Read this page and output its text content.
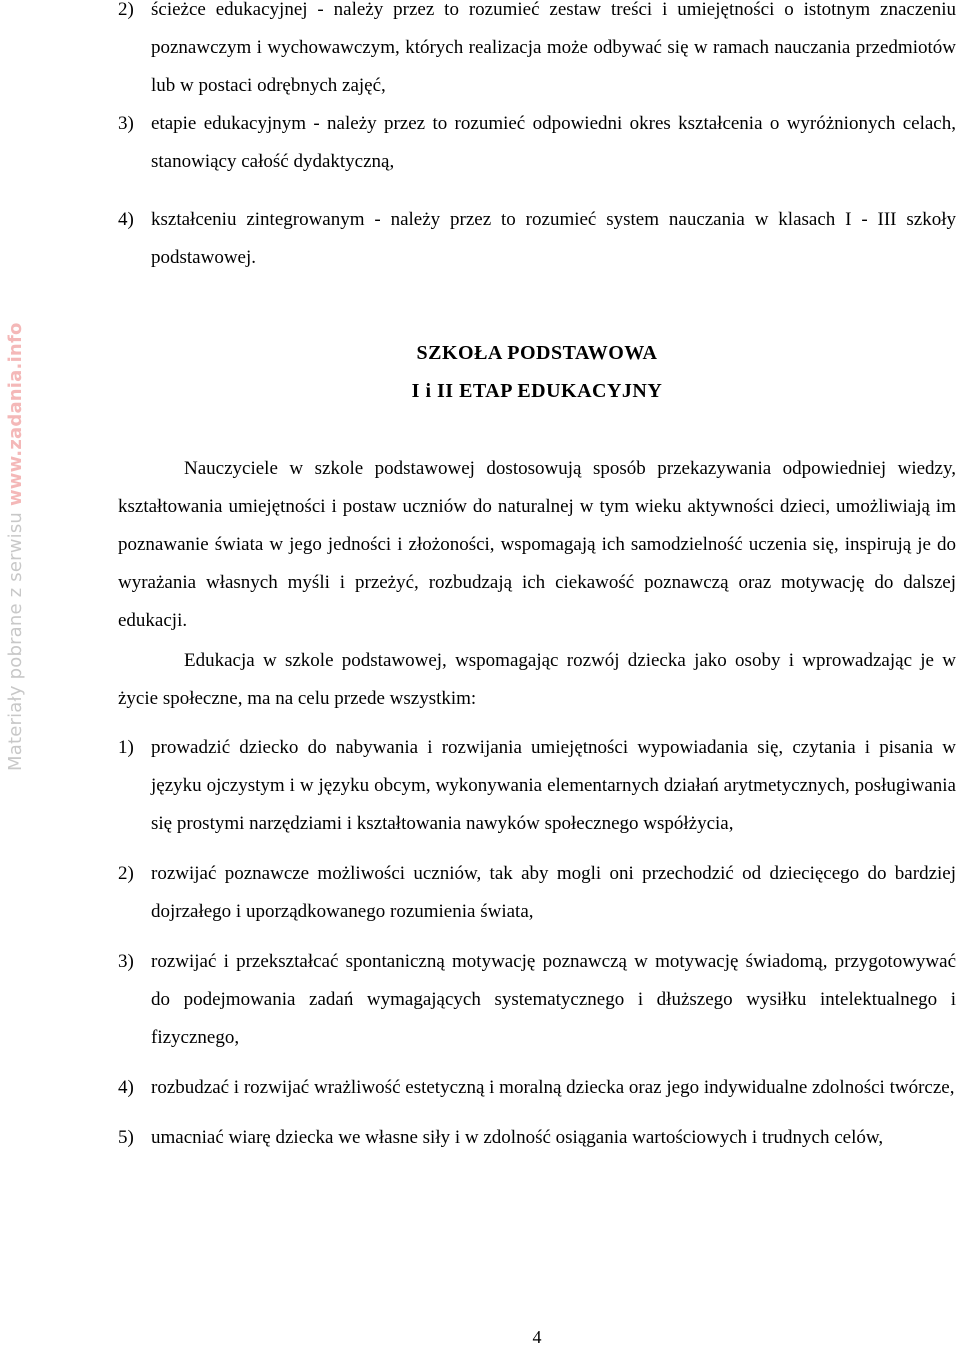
Materiały pobrane z serwisu www.zadania.info
2) ścieżce edukacyjnej - należy przez to rozumieć zestaw treści i umiejętności o istotnym znaczeniu poznawczym i wychowawczym, których realizacja może odbywać się w ramach nauczania przedmiotów lub w postaci odrębnych zajęć,
3) etapie edukacyjnym - należy przez to rozumieć odpowiedni okres kształcenia o wyróżnionych celach, stanowiący całość dydaktyczną,
4) kształceniu zintegrowanym - należy przez to rozumieć system nauczania w klasach I - III szkoły podstawowej.
SZKOŁA PODSTAWOWA
I i II ETAP EDUKACYJNY
Nauczyciele w szkole podstawowej dostosowują sposób przekazywania odpowiedniej wiedzy, kształtowania umiejętności i postaw uczniów do naturalnej w tym wieku aktywności dzieci, umożliwiają im poznawanie świata w jego jedności i złożoności, wspomagają ich samodzielność uczenia się, inspirują je do wyrażania własnych myśli i przeżyć, rozbudzają ich ciekawość poznawczą oraz motywację do dalszej edukacji.
Edukacja w szkole podstawowej, wspomagając rozwój dziecka jako osoby i wprowadzając je w życie społeczne, ma na celu przede wszystkim:
1) prowadzić dziecko do nabywania i rozwijania umiejętności wypowiadania się, czytania i pisania w języku ojczystym i w języku obcym, wykonywania elementarnych działań arytmetycznych, posługiwania się prostymi narzędziami i kształtowania nawyków społecznego współżycia,
2) rozwijać poznawcze możliwości uczniów, tak aby mogli oni przechodzić od dziecięcego do bardziej dojrzałego i uporządkowanego rozumienia świata,
3) rozwijać i przekształcać spontaniczną motywację poznawczą w motywację świadomą, przygotowywać do podejmowania zadań wymagających systematycznego i dłuższego wysiłku intelektualnego i fizycznego,
4) rozbudzać i rozwijać wrażliwość estetyczną i moralną dziecka oraz jego indywidualne zdolności twórcze,
5) umacniać wiarę dziecka we własne siły i w zdolność osiągania wartościowych i trudnych celów,
4
